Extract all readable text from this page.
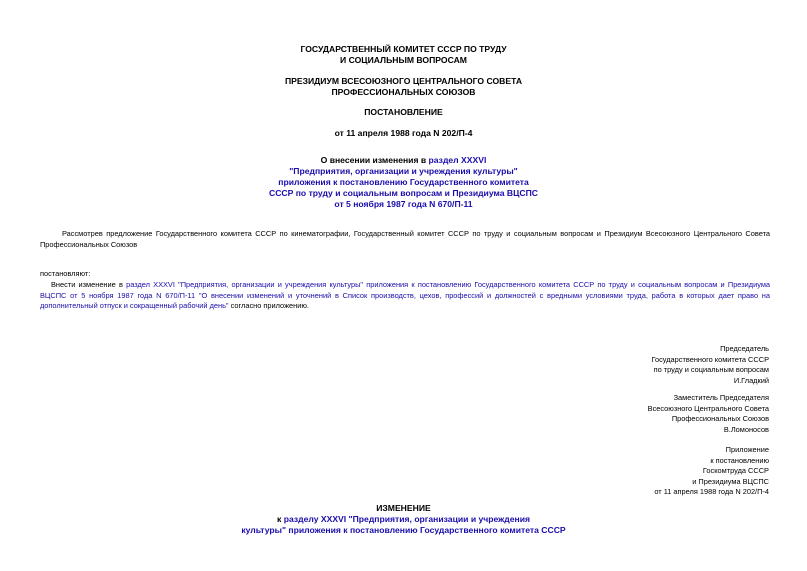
ГОСУДАРСТВЕННЫЙ КОМИТЕТ СССР ПО ТРУДУ
И СОЦИАЛЬНЫМ ВОПРОСАМ
ПРЕЗИДИУМ ВСЕСОЮЗНОГО ЦЕНТРАЛЬНОГО СОВЕТА
ПРОФЕССИОНАЛЬНЫХ СОЮЗОВ
ПОСТАНОВЛЕНИЕ
от 11 апреля 1988 года N 202/П-4
О внесении изменения в раздел XXXVI
"Предприятия, организации и учреждения культуры"
приложения к постановлению Государственного комитета
СССР по труду и социальным вопросам и Президиума ВЦСПС
от 5 ноября 1987 года N 670/П-11
Рассмотрев предложение Государственного комитета СССР по кинематографии, Государственный комитет СССР по труду и социальным вопросам и Президиум Всесоюзного Центрального Совета Профессиональных Союзов
постановляют:
Внести изменение в раздел XXXVI "Предприятия, организации и учреждения культуры" приложения к постановлению Государственного комитета СССР по труду и социальным вопросам и Президиума ВЦСПС от 5 ноября 1987 года N 670/П-11 "О внесении изменений и уточнений в Список производств, цехов, профессий и должностей с вредными условиями труда, работа в которых дает право на дополнительный отпуск и сокращенный рабочий день" согласно приложению.
Председатель
Государственного комитета СССР
по труду и социальным вопросам
И.Гладкий
Заместитель Председателя
Всесоюзного Центрального Совета
Профессиональных Союзов
В.Ломоносов
Приложение
к постановлению
Госкомтруда СССР
и Президиума ВЦСПС
от 11 апреля 1988 года N 202/П-4
ИЗМЕНЕНИЕ
к разделу XXXVI "Предприятия, организации и учреждения
культуры" приложения к постановлению Государственного комитета СССР
